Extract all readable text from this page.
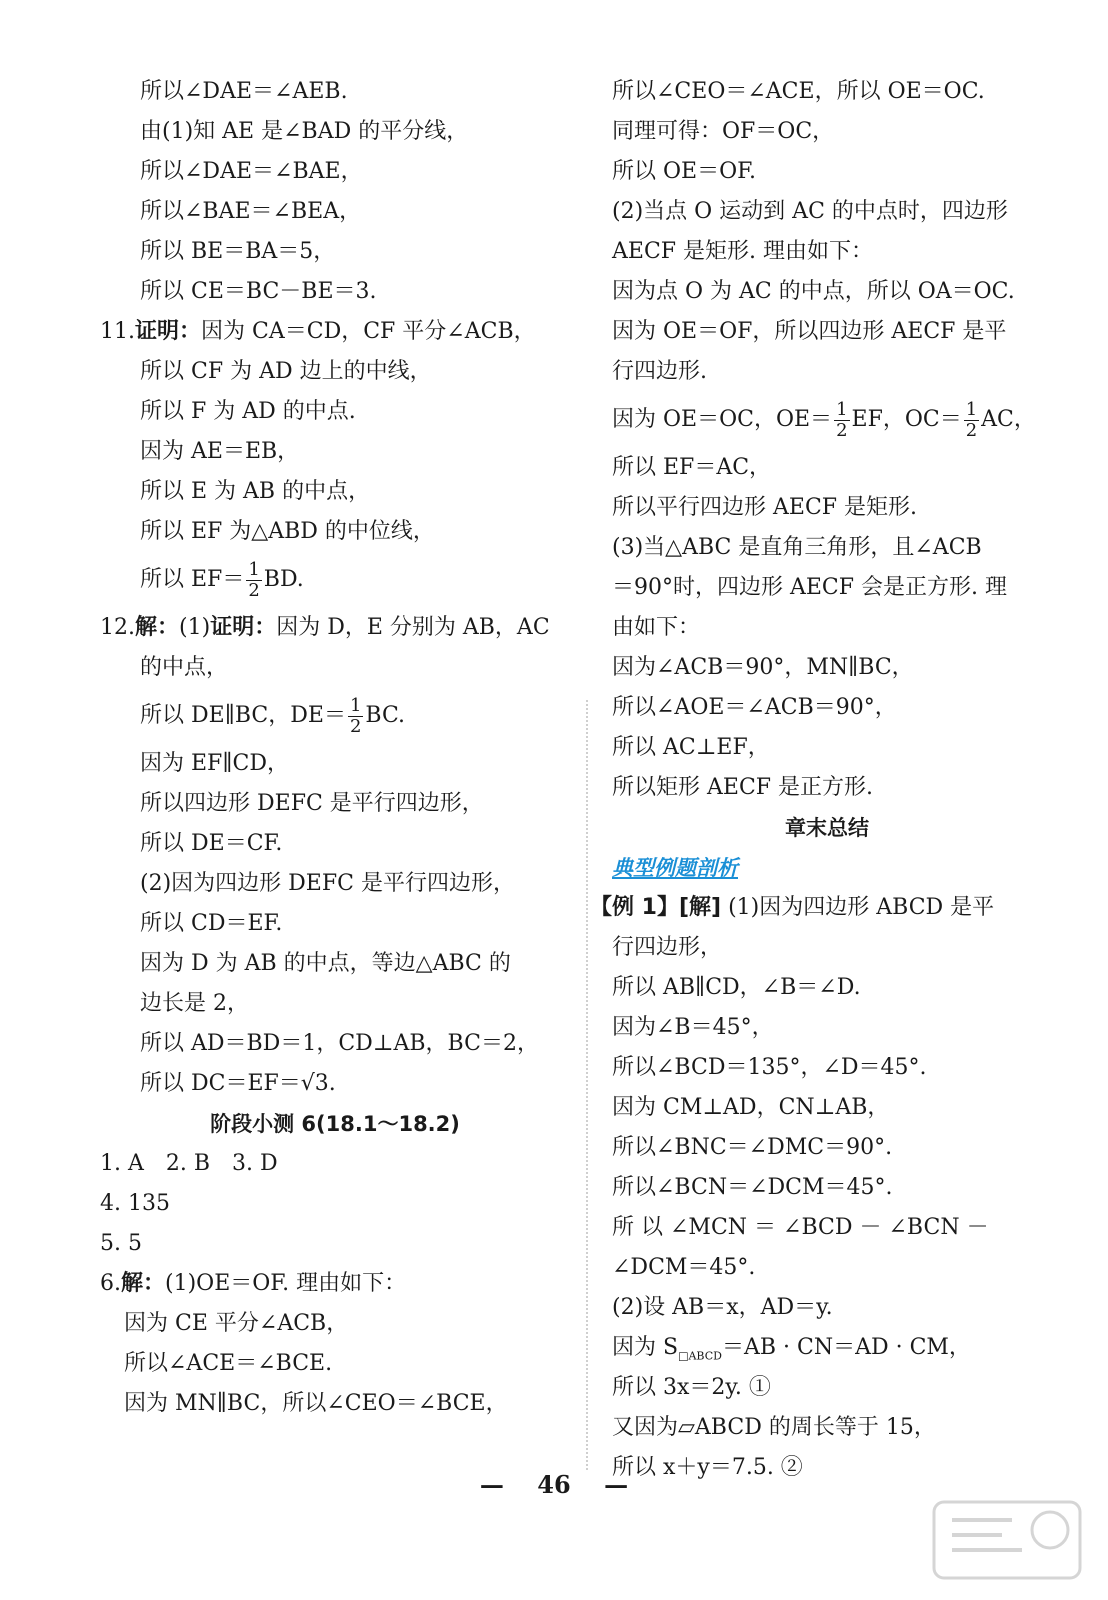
所以∠DAE＝∠AEB.
由(1)知 AE 是∠BAD 的平分线，
所以∠DAE＝∠BAE，
所以∠BAE＝∠BEA，
所以 BE＝BA＝5，
所以 CE＝BC－BE＝3.
11.证明：因为 CA＝CD，CF 平分∠ACB，
所以 CF 为 AD 边上的中线，
所以 F 为 AD 的中点.
因为 AE＝EB，
所以 E 为 AB 的中点，
所以 EF 为△ABD 的中位线，
所以 $EF= \frac{1}{2}$ BD.
12.解：(1)证明：因为 D，E 分别为 AB，AC
的中点，
所以 DE∥BC，$DE= \frac{1}{2}$ BC.
因为 EF∥CD，
所以四边形 DEFC 是平行四边形，
所以 DE＝CF.
(2)因为四边形 DEFC 是平行四边形，
所以 CD＝EF.
因为 D 为 AB 的中点，等边△ABC 的
边长是 2，
所以 AD＝BD＝1，CD⊥AB，BC＝2，
所以 DC＝EF＝√3.
阶段小测 6(18.1～18.2)
1. A　2. B　3. D
4. 135
5. 5
6.解：(1)OE＝OF. 理由如下：
因为 CE 平分∠ACB，
所以∠ACE＝∠BCE.
因为 MN∥BC，所以∠CEO＝∠BCE，
所以∠CEO＝∠ACE，所以 OE＝OC.
同理可得：OF＝OC，
所以 OE＝OF.
(2)当点 O 运动到 AC 的中点时，四边形
AECF 是矩形. 理由如下：
因为点 O 为 AC 的中点，所以 OA＝OC.
因为 OE＝OF，所以四边形 AECF 是平
行四边形.
因为 OE＝OC，$OE= \frac{1}{2}$ EF，$OC= \frac{1}{2}$ AC，
所以 EF＝AC，
所以平行四边形 AECF 是矩形.
(3)当△ABC 是直角三角形，且∠ACB
＝90°时，四边形 AECF 会是正方形. 理
由如下：
因为∠ACB＝90°，MN∥BC，
所以∠AOE＝∠ACB＝90°，
所以 AC⊥EF，
所以矩形 AECF 是正方形.
章末总结
典型例题剖析
【例 1】[解] (1)因为四边形 ABCD 是平
行四边形，
所以 AB∥CD，∠B＝∠D.
因为∠B＝45°，
所以∠BCD＝135°，∠D＝45°.
因为 CM⊥AD，CN⊥AB，
所以∠BNC＝∠DMC＝90°.
所以∠BCN＝∠DCM＝45°.
所 以 ∠MCN ＝ ∠BCD － ∠BCN －
∠DCM＝45°.
(2)设 AB＝x，AD＝y.
因为 $S_{□ABCD}=AB \cdot CN=AD$ · CM，
所以 3x＝2y. ①
又因为▱ABCD 的周长等于 15，
所以 x＋y＝7.5. ②
— 46 —
